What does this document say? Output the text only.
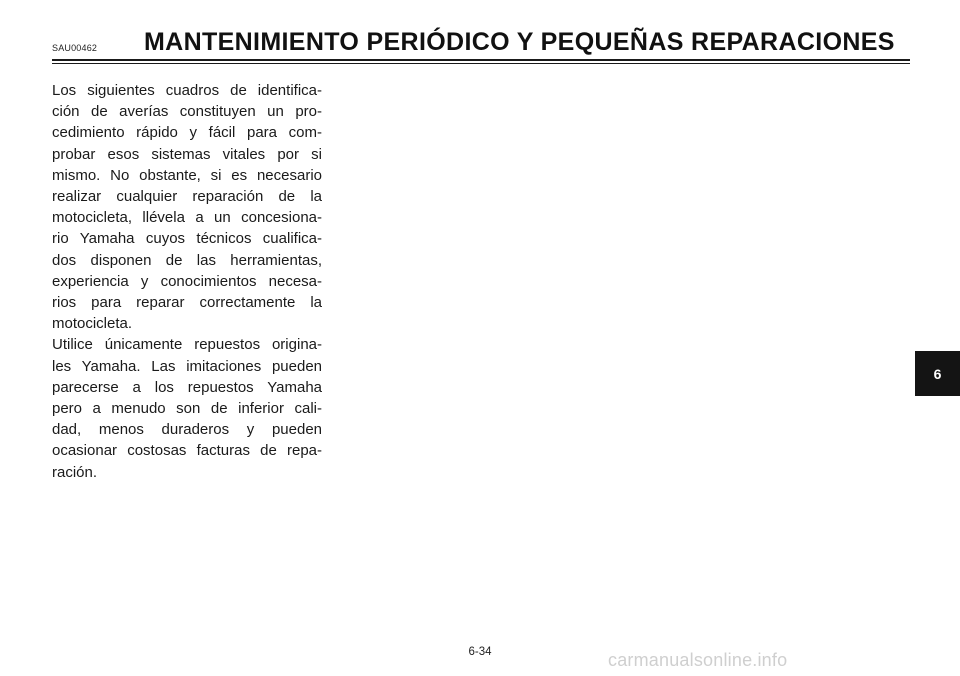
SAU00462 MANTENIMIENTO PERIÓDICO Y PEQUEÑAS REPARACIONES

Los siguientes cuadros de identifica-
ción de averías constituyen un pro-
cedimiento rápido y fácil para com-
probar esos sistemas vitales por si
mismo. No obstante, si es necesario
realizar cualquier reparación de la
motocicleta, llévela a un concesiona-
rio Yamaha cuyos técnicos cualifica-
dos disponen de las herramientas,
experiencia y conocimientos necesa-
rios para reparar correctamente la
motocicleta.

Utilice únicamente repuestos origina-
les Yamaha. Las imitaciones pueden
parecerse a los repuestos Yamaha
pero a menudo son de inferior cali-
dad, menos duraderos y pueden
ocasionar costosas facturas de repa-
ración.

6
6-34	carmanualsonline.info
